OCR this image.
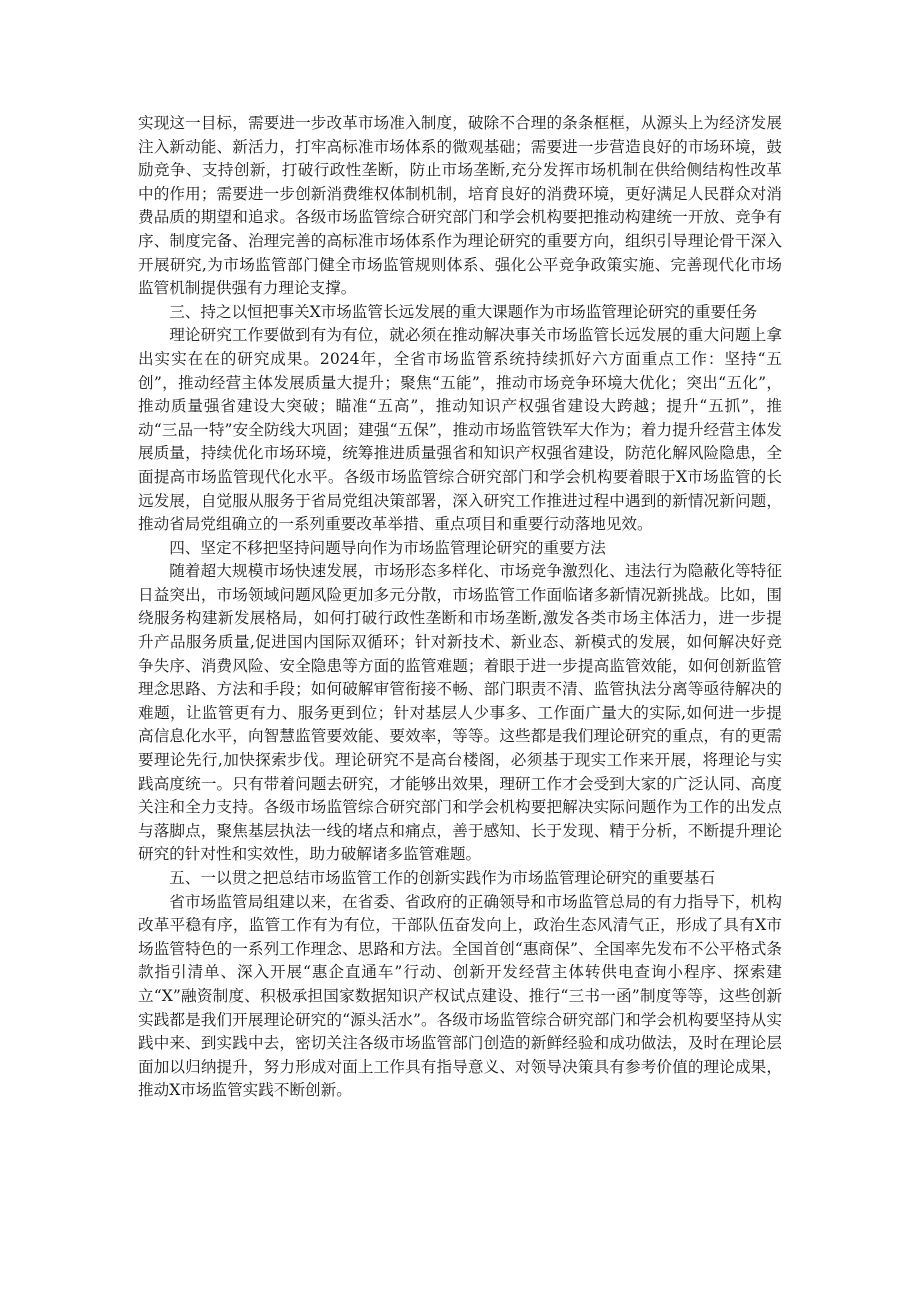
实现这一目标，需要进一步改革市场准入制度，破除不合理的条条框框，从源头上为经济发展注入新动能、新活力，打牢高标准市场体系的微观基础；需要进一步营造良好的市场环境，鼓励竞争、支持创新，打破行政性垄断，防止市场垄断,充分发挥市场机制在供给侧结构性改革中的作用；需要进一步创新消费维权体制机制，培育良好的消费环境，更好满足人民群众对消费品质的期望和追求。各级市场监管综合研究部门和学会机构要把推动构建统一开放、竞争有序、制度完备、治理完善的高标准市场体系作为理论研究的重要方向，组织引导理论骨干深入开展研究,为市场监管部门健全市场监管规则体系、强化公平竞争政策实施、完善现代化市场监管机制提供强有力理论支撑。

三、持之以恒把事关X市场监管长远发展的重大课题作为市场监管理论研究的重要任务

理论研究工作要做到有为有位，就必须在推动解决事关市场监管长远发展的重大问题上拿出实实在在的研究成果。2024年，全省市场监管系统持续抓好六方面重点工作：坚持“五创”，推动经营主体发展质量大提升；聚焦“五能”，推动市场竞争环境大优化；突出“五化”，推动质量强省建设大突破；瞄准“五高”，推动知识产权强省建设大跨越；提升“五抓”，推动“三品一特”安全防线大巩固；建强“五保”，推动市场监管铁军大作为；着力提升经营主体发展质量，持续优化市场环境，统筹推进质量强省和知识产权强省建设，防范化解风险隐患，全面提高市场监管现代化水平。各级市场监管综合研究部门和学会机构要着眼于X市场监管的长远发展，自觉服从服务于省局党组决策部署，深入研究工作推进过程中遇到的新情况新问题，推动省局党组确立的一系列重要改革举措、重点项目和重要行动落地见效。

四、坚定不移把坚持问题导向作为市场监管理论研究的重要方法

随着超大规模市场快速发展，市场形态多样化、市场竞争激烈化、违法行为隐蔽化等特征日益突出，市场领域问题风险更加多元分散，市场监管工作面临诸多新情况新挑战。比如，围绕服务构建新发展格局，如何打破行政性垄断和市场垄断,激发各类市场主体活力，进一步提升产品服务质量,促进国内国际双循环；针对新技术、新业态、新模式的发展，如何解决好竞争失序、消费风险、安全隐患等方面的监管难题；着眼于进一步提高监管效能，如何创新监管理念思路、方法和手段；如何破解审管衔接不畅、部门职责不清、监管执法分离等亟待解决的难题，让监管更有力、服务更到位；针对基层人少事多、工作面广量大的实际,如何进一步提高信息化水平，向智慧监管要效能、要效率，等等。这些都是我们理论研究的重点，有的更需要理论先行,加快探索步伐。理论研究不是高台楼阁，必须基于现实工作来开展，将理论与实践高度统一。只有带着问题去研究，才能够出效果，理研工作才会受到大家的广泛认同、高度关注和全力支持。各级市场监管综合研究部门和学会机构要把解决实际问题作为工作的出发点与落脚点，聚焦基层执法一线的堵点和痛点，善于感知、长于发现、精于分析，不断提升理论研究的针对性和实效性，助力破解诸多监管难题。

五、一以贯之把总结市场监管工作的创新实践作为市场监管理论研究的重要基石

省市场监管局组建以来，在省委、省政府的正确领导和市场监管总局的有力指导下，机构改革平稳有序，监管工作有为有位，干部队伍奋发向上，政治生态风清气正，形成了具有X市场监管特色的一系列工作理念、思路和方法。全国首创“惠商保”、全国率先发布不公平格式条款指引清单、深入开展“惠企直通车”行动、创新开发经营主体转供电查询小程序、探索建立“X”融资制度、积极承担国家数据知识产权试点建设、推行“三书一函”制度等等，这些创新实践都是我们开展理论研究的“源头活水”。各级市场监管综合研究部门和学会机构要坚持从实践中来、到实践中去，密切关注各级市场监管部门创造的新鲜经验和成功做法，及时在理论层面加以归纳提升，努力形成对面上工作具有指导意义、对领导决策具有参考价值的理论成果，推动X市场监管实践不断创新。
